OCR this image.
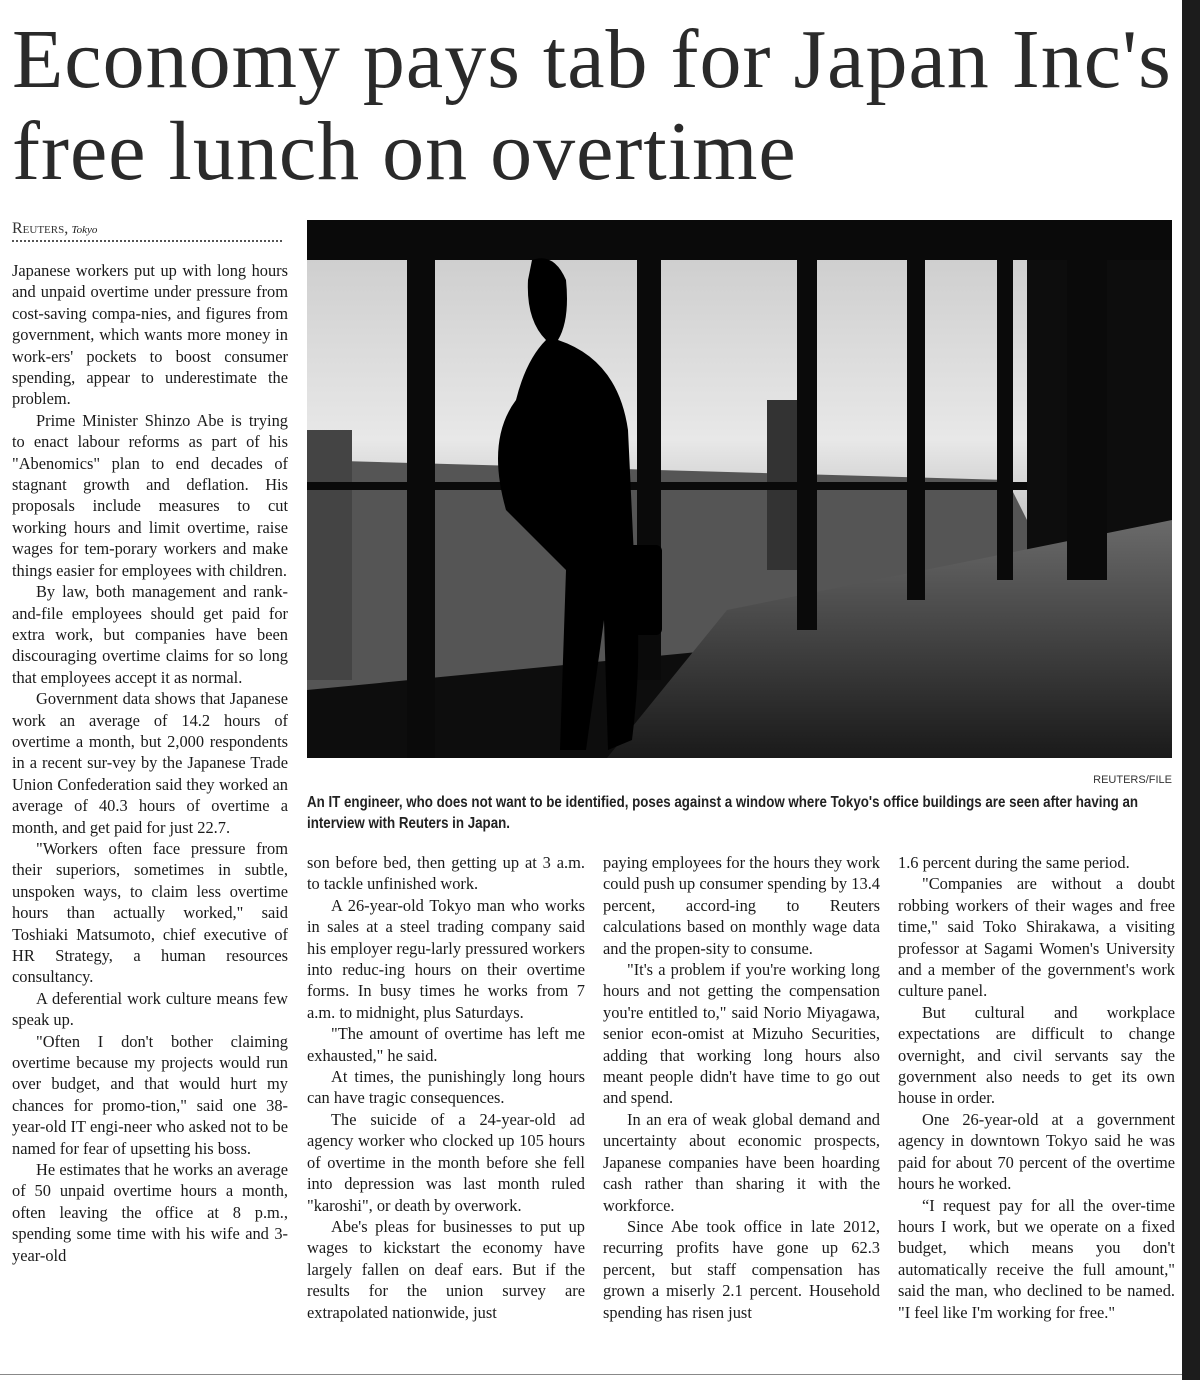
Economy pays tab for Japan Inc's free lunch on overtime
Reuters, Tokyo

Japanese workers put up with long hours and unpaid overtime under pressure from cost-saving compa-nies, and figures from government, which wants more money in work-ers' pockets to boost consumer spending, appear to underestimate the problem.

Prime Minister Shinzo Abe is trying to enact labour reforms as part of his "Abenomics" plan to end decades of stagnant growth and deflation. His proposals include measures to cut working hours and limit overtime, raise wages for tem-porary workers and make things easier for employees with children.

By law, both management and rank-and-file employees should get paid for extra work, but companies have been discouraging overtime claims for so long that employees accept it as normal.

Government data shows that Japanese work an average of 14.2 hours of overtime a month, but 2,000 respondents in a recent sur-vey by the Japanese Trade Union Confederation said they worked an average of 40.3 hours of overtime a month, and get paid for just 22.7.

"Workers often face pressure from their superiors, sometimes in subtle, unspoken ways, to claim less overtime hours than actually worked," said Toshiaki Matsumoto, chief executive of HR Strategy, a human resources consultancy.

A deferential work culture means few speak up.

"Often I don't bother claiming overtime because my projects would run over budget, and that would hurt my chances for promo-tion," said one 38-year-old IT engi-neer who asked not to be named for fear of upsetting his boss.

He estimates that he works an average of 50 unpaid overtime hours a month, often leaving the office at 8 p.m., spending some time with his wife and 3-year-old

REUTERS/FILE
An IT engineer, who does not want to be identified, poses against a window where Tokyo's office buildings are seen after having an interview with Reuters in Japan.

son before bed, then getting up at 3 a.m. to tackle unfinished work.

A 26-year-old Tokyo man who works in sales at a steel trading company said his employer regu-larly pressured workers into reduc-ing hours on their overtime forms. In busy times he works from 7 a.m. to midnight, plus Saturdays.

"The amount of overtime has left me exhausted," he said.

At times, the punishingly long hours can have tragic consequences.

The suicide of a 24-year-old ad agency worker who clocked up 105 hours of overtime in the month before she fell into depression was last month ruled "karoshi", or death by overwork.

Abe's pleas for businesses to put up wages to kickstart the economy have largely fallen on deaf ears. But if the results for the union survey are extrapolated nationwide, just

paying employees for the hours they work could push up consumer spending by 13.4 percent, accord-ing to Reuters calculations based on monthly wage data and the propen-sity to consume.

"It's a problem if you're working long hours and not getting the compensation you're entitled to," said Norio Miyagawa, senior econ-omist at Mizuho Securities, adding that working long hours also meant people didn't have time to go out and spend.

In an era of weak global demand and uncertainty about economic prospects, Japanese companies have been hoarding cash rather than sharing it with the workforce.

Since Abe took office in late 2012, recurring profits have gone up 62.3 percent, but staff compensation has grown a miserly 2.1 percent. Household spending has risen just

1.6 percent during the same period.

"Companies are without a doubt robbing workers of their wages and free time," said Toko Shirakawa, a visiting professor at Sagami Women's University and a member of the government's work culture panel.

But cultural and workplace expectations are difficult to change overnight, and civil servants say the government also needs to get its own house in order.

One 26-year-old at a government agency in downtown Tokyo said he was paid for about 70 percent of the overtime hours he worked.

“I request pay for all the over-time hours I work, but we operate on a fixed budget, which means you don't automatically receive the full amount," said the man, who declined to be named. "I feel like I'm working for free."
